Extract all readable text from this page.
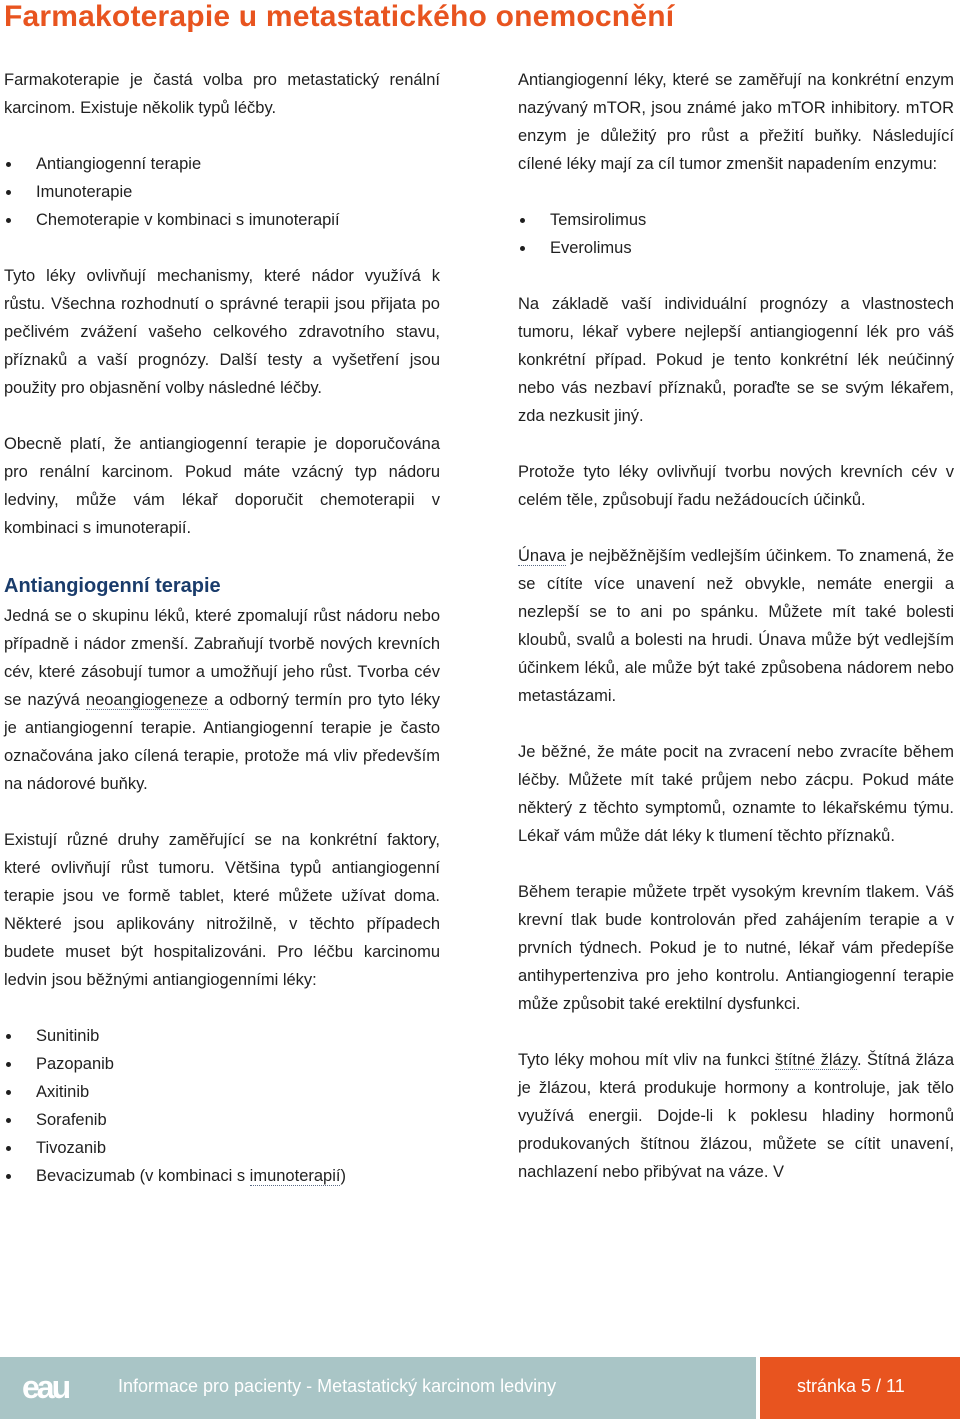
Farmakoterapie u metastatického onemocnění

Farmakoterapie je častá volba pro metastatický renální karcinom. Existuje několik typů léčby.

Antiangiogenní terapie
Imunoterapie
Chemoterapie v kombinaci s imunoterapií

Tyto léky ovlivňují mechanismy, které nádor využívá k růstu. Všechna rozhodnutí o správné terapii jsou přijata po pečlivém zvážení vašeho celkového zdravotního stavu, příznaků a vaší prognózy. Další testy a vyšetření jsou použity pro objasnění volby následné léčby.

Obecně platí, že antiangiogenní terapie je doporučována pro renální karcinom. Pokud máte vzácný typ nádoru ledviny, může vám lékař doporučit chemoterapii v kombinaci s imunoterapií.

Antiangiogenní terapie

Jedná se o skupinu léků, které zpomalují růst nádoru nebo případně i nádor zmenší. Zabraňují tvorbě nových krevních cév, které zásobují tumor a umožňují jeho růst. Tvorba cév se nazývá neoangiogeneze a odborný termín pro tyto léky je antiangiogenní terapie. Antiangiogenní terapie je často označována jako cílená terapie, protože má vliv především na nádorové buňky.

Existují různé druhy zaměřující se na konkrétní faktory, které ovlivňují růst tumoru. Většina typů antiangiogenní terapie jsou ve formě tablet, které můžete užívat doma. Některé jsou aplikovány nitrožilně, v těchto případech budete muset být hospitalizováni. Pro léčbu karcinomu ledvin jsou běžnými antiangiogenními léky:

Sunitinib
Pazopanib
Axitinib
Sorafenib
Tivozanib
Bevacizumab (v kombinaci s imunoterapií)

Antiangiogenní léky, které se zaměřují na konkrétní enzym nazývaný mTOR, jsou známé jako mTOR inhibitory. mTOR enzym je důležitý pro růst a přežití buňky. Následující cílené léky mají za cíl tumor zmenšit napadením enzymu:

Temsirolimus
Everolimus

Na základě vaší individuální prognózy a vlastnostech tumoru, lékař vybere nejlepší antiangiogenní lék pro váš konkrétní případ. Pokud je tento konkrétní lék neúčinný nebo vás nezbaví příznaků, poraďte se se svým lékařem, zda nezkusit jiný.

Protože tyto léky ovlivňují tvorbu nových krevních cév v celém těle, způsobují řadu nežádoucích účinků.

Únava je nejběžnějším vedlejším účinkem. To znamená, že se cítíte více unavení než obvykle, nemáte energii a nezlepší se to ani po spánku. Můžete mít také bolesti kloubů, svalů a bolesti na hrudi. Únava může být vedlejším účinkem léků, ale může být také způsobena nádorem nebo metastázami.

Je běžné, že máte pocit na zvracení nebo zvracíte během léčby. Můžete mít také průjem nebo zácpu. Pokud máte některý z těchto symptomů, oznamte to lékařskému týmu. Lékař vám může dát léky k tlumení těchto příznaků.

Během terapie můžete trpět vysokým krevním tlakem. Váš krevní tlak bude kontrolován před zahájením terapie a v prvních týdnech. Pokud je to nutné, lékař vám předepíše antihypertenziva pro jeho kontrolu. Antiangiogenní terapie může způsobit také erektilní dysfunkci.

Tyto léky mohou mít vliv na funkci štítné žlázy. Štítná žláza je žlázou, která produkuje hormony a kontroluje, jak tělo využívá energii. Dojde-li k poklesu hladiny hormonů produkovaných štítnou žlázou, můžete se cítit unavení, nachlazení nebo přibývat na váze. V

eau	Informace pro pacienty - Metastatický karcinom ledviny	stránka 5 / 11
